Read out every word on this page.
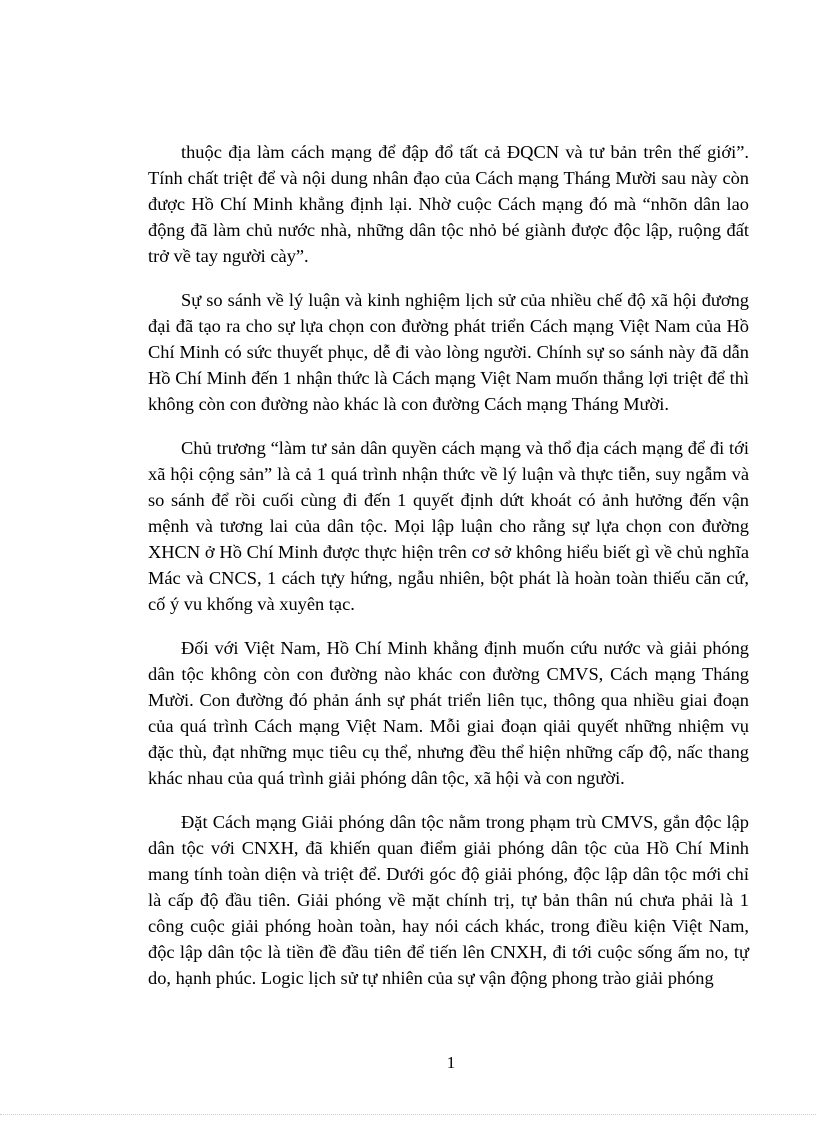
thuộc địa làm cách mạng để đập đổ tất cả ĐQCN và tư bản trên thế giới”. Tính chất triệt để và nội dung nhân đạo của Cách mạng Tháng Mười sau này còn được Hồ Chí Minh khẳng định lại. Nhờ cuộc Cách mạng đó mà “nhõn dân lao động đã làm chủ nước nhà, những dân tộc nhỏ bé giành được độc lập, ruộng đất trở về tay người cày”.

Sự so sánh về lý luận và kinh nghiệm lịch sử của nhiều chế độ xã hội đương đại đã tạo ra cho sự lựa chọn con đường phát triển Cách mạng Việt Nam của Hồ Chí Minh có sức thuyết phục, dễ đi vào lòng người. Chính sự so sánh này đã dẫn Hồ Chí Minh đến 1 nhận thức là Cách mạng Việt Nam muốn thắng lợi triệt để thì không còn con đường nào khác là con đường Cách mạng Tháng Mười.

Chủ trương “làm tư sản dân quyền cách mạng và thổ địa cách mạng để đi tới xã hội cộng sản” là cả 1 quá trình nhận thức về lý luận và thực tiễn, suy ngẫm và so sánh để rồi cuối cùng đi đến 1 quyết định dứt khoát có ảnh hưởng đến vận mệnh và tương lai của dân tộc. Mọi lập luận cho rằng sự lựa chọn con đường XHCN ở Hồ Chí Minh được thực hiện trên cơ sở không hiểu biết gì về chủ nghĩa Mác và CNCS, 1 cách tựy hứng, ngẫu nhiên, bột phát là hoàn toàn thiếu căn cứ, cố ý vu khống và xuyên tạc.

Đối với Việt Nam, Hồ Chí Minh khẳng định muốn cứu nước và giải phóng dân tộc không còn con đường nào khác con đường CMVS, Cách mạng Tháng Mười. Con đường đó phản ánh sự phát triển liên tục, thông qua nhiều giai đoạn của quá trình Cách mạng Việt Nam. Mỗi giai đoạn qiải quyết những nhiệm vụ đặc thù, đạt những mục tiêu cụ thể, nhưng đều thể hiện những cấp độ, nấc thang khác nhau của quá trình giải phóng dân tộc, xã hội và con người.

Đặt Cách mạng Giải phóng dân tộc nằm trong phạm trù CMVS, gắn độc lập dân tộc với CNXH, đã khiến quan điểm giải phóng dân tộc của Hồ Chí Minh mang tính toàn diện và triệt để. Dưới góc độ giải phóng, độc lập dân tộc mới chỉ là cấp độ đầu tiên. Giải phóng về mặt chính trị, tự bản thân nú chưa phải là 1 công cuộc giải phóng hoàn toàn, hay nói cách khác, trong điều kiện Việt Nam, độc lập dân tộc là tiền đề đầu tiên để tiến lên CNXH, đi tới cuộc sống ấm no, tự do, hạnh phúc. Logic lịch sử tự nhiên của sự vận động phong trào giải phóng

1
